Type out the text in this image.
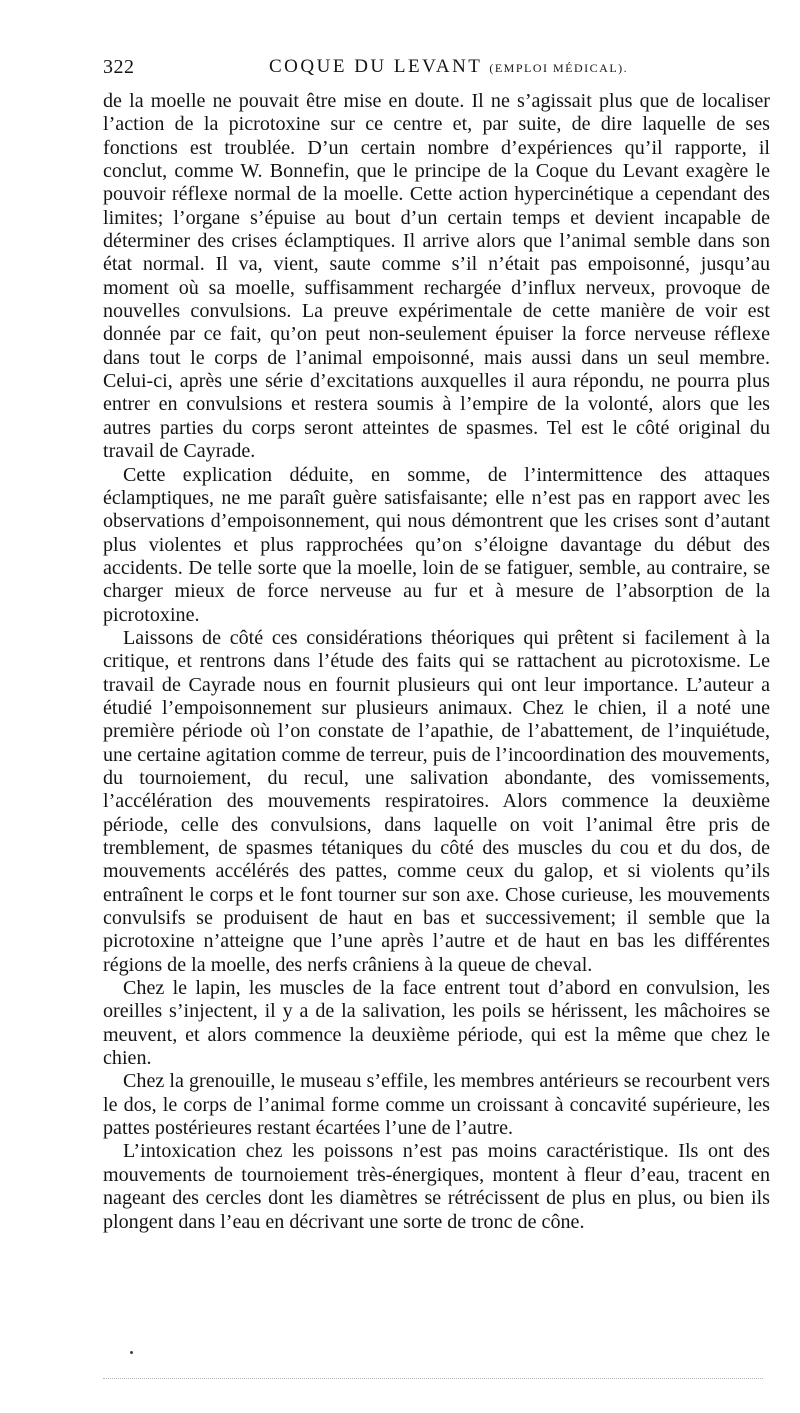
322	COQUE DU LEVANT (EMPLOI MÉDICAL).

de la moelle ne pouvait être mise en doute. Il ne s’agissait plus que de localiser l’action de la picrotoxine sur ce centre et, par suite, de dire laquelle de ses fonctions est troublée. D’un certain nombre d’expériences qu’il rapporte, il conclut, comme W. Bonnefin, que le principe de la Coque du Levant exagère le pouvoir réflexe normal de la moelle. Cette action hypercinétique a cependant des limites; l’organe s’épuise au bout d’un certain temps et devient incapable de déterminer des crises éclamptiques. Il arrive alors que l’animal semble dans son état normal. Il va, vient, saute comme s’il n’était pas empoisonné, jusqu’au moment où sa moelle, suffisamment rechargée d’influx nerveux, provoque de nouvelles convulsions. La preuve expérimentale de cette manière de voir est donnée par ce fait, qu’on peut non-seulement épuiser la force nerveuse réflexe dans tout le corps de l’animal empoisonné, mais aussi dans un seul membre. Celui-ci, après une série d’excitations auxquelles il aura répondu, ne pourra plus entrer en convulsions et restera soumis à l’empire de la volonté, alors que les autres parties du corps seront atteintes de spasmes. Tel est le côté original du travail de Cayrade.

Cette explication déduite, en somme, de l’intermittence des attaques éclamptiques, ne me paraît guère satisfaisante; elle n’est pas en rapport avec les observations d’empoisonnement, qui nous démontrent que les crises sont d’autant plus violentes et plus rapprochées qu’on s’éloigne davantage du début des accidents. De telle sorte que la moelle, loin de se fatiguer, semble, au contraire, se charger mieux de force nerveuse au fur et à mesure de l’absorption de la picrotoxine.

Laissons de côté ces considérations théoriques qui prêtent si facilement à la critique, et rentrons dans l’étude des faits qui se rattachent au picrotoxisme. Le travail de Cayrade nous en fournit plusieurs qui ont leur importance. L’auteur a étudié l’empoisonnement sur plusieurs animaux. Chez le chien, il a noté une première période où l’on constate de l’apathie, de l’abattement, de l’inquiétude, une certaine agitation comme de terreur, puis de l’incoordination des mouvements, du tournoiement, du recul, une salivation abondante, des vomissements, l’accélération des mouvements respiratoires. Alors commence la deuxième période, celle des convulsions, dans laquelle on voit l’animal être pris de tremblement, de spasmes tétaniques du côté des muscles du cou et du dos, de mouvements accélérés des pattes, comme ceux du galop, et si violents qu’ils entraînent le corps et le font tourner sur son axe. Chose curieuse, les mouvements convulsifs se produisent de haut en bas et successivement; il semble que la picrotoxine n’atteigne que l’une après l’autre et de haut en bas les différentes régions de la moelle, des nerfs crâniens à la queue de cheval.

Chez le lapin, les muscles de la face entrent tout d’abord en convulsion, les oreilles s’injectent, il y a de la salivation, les poils se hérissent, les mâchoires se meuvent, et alors commence la deuxième période, qui est la même que chez le chien.

Chez la grenouille, le museau s’effile, les membres antérieurs se recourbent vers le dos, le corps de l’animal forme comme un croissant à concavité supérieure, les pattes postérieures restant écartées l’une de l’autre.

L’intoxication chez les poissons n’est pas moins caractéristique. Ils ont des mouvements de tournoiement très-énergiques, montent à fleur d’eau, tracent en nageant des cercles dont les diamètres se rétrécissent de plus en plus, ou bien ils plongent dans l’eau en décrivant une sorte de tronc de cône.
